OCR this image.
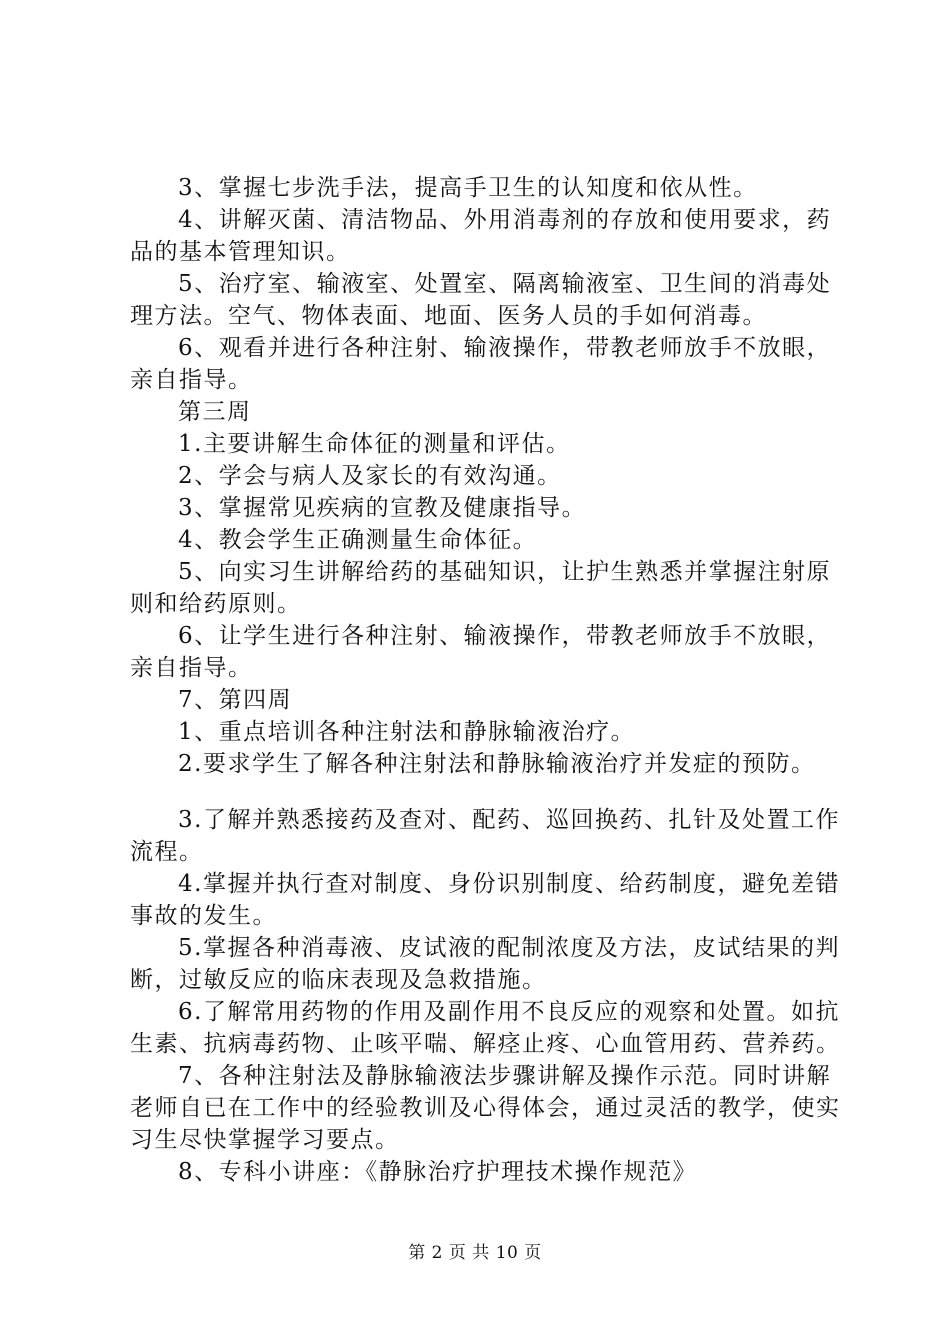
3、掌握七步洗手法，提高手卫生的认知度和依从性。

4、讲解灭菌、清洁物品、外用消毒剂的存放和使用要求，药品的基本管理知识。

5、治疗室、输液室、处置室、隔离输液室、卫生间的消毒处理方法。空气、物体表面、地面、医务人员的手如何消毒。

6、观看并进行各种注射、输液操作，带教老师放手不放眼，亲自指导。

第三周

1.主要讲解生命体征的测量和评估。

2、学会与病人及家长的有效沟通。

3、掌握常见疾病的宣教及健康指导。

4、教会学生正确测量生命体征。

5、向实习生讲解给药的基础知识，让护生熟悉并掌握注射原则和给药原则。

6、让学生进行各种注射、输液操作，带教老师放手不放眼，亲自指导。

7、第四周

1、重点培训各种注射法和静脉输液治疗。

2.要求学生了解各种注射法和静脉输液治疗并发症的预防。

3.了解并熟悉接药及查对、配药、巡回换药、扎针及处置工作流程。

4.掌握并执行查对制度、身份识别制度、给药制度，避免差错事故的发生。

5.掌握各种消毒液、皮试液的配制浓度及方法，皮试结果的判断，过敏反应的临床表现及急救措施。

6.了解常用药物的作用及副作用不良反应的观察和处置。如抗生素、抗病毒药物、止咳平喘、解痉止疼、心血管用药、营养药。

7、各种注射法及静脉输液法步骤讲解及操作示范。同时讲解老师自已在工作中的经验教训及心得体会，通过灵活的教学，使实习生尽快掌握学习要点。

8、专科小讲座：《静脉治疗护理技术操作规范》

第 2 页 共 10 页
